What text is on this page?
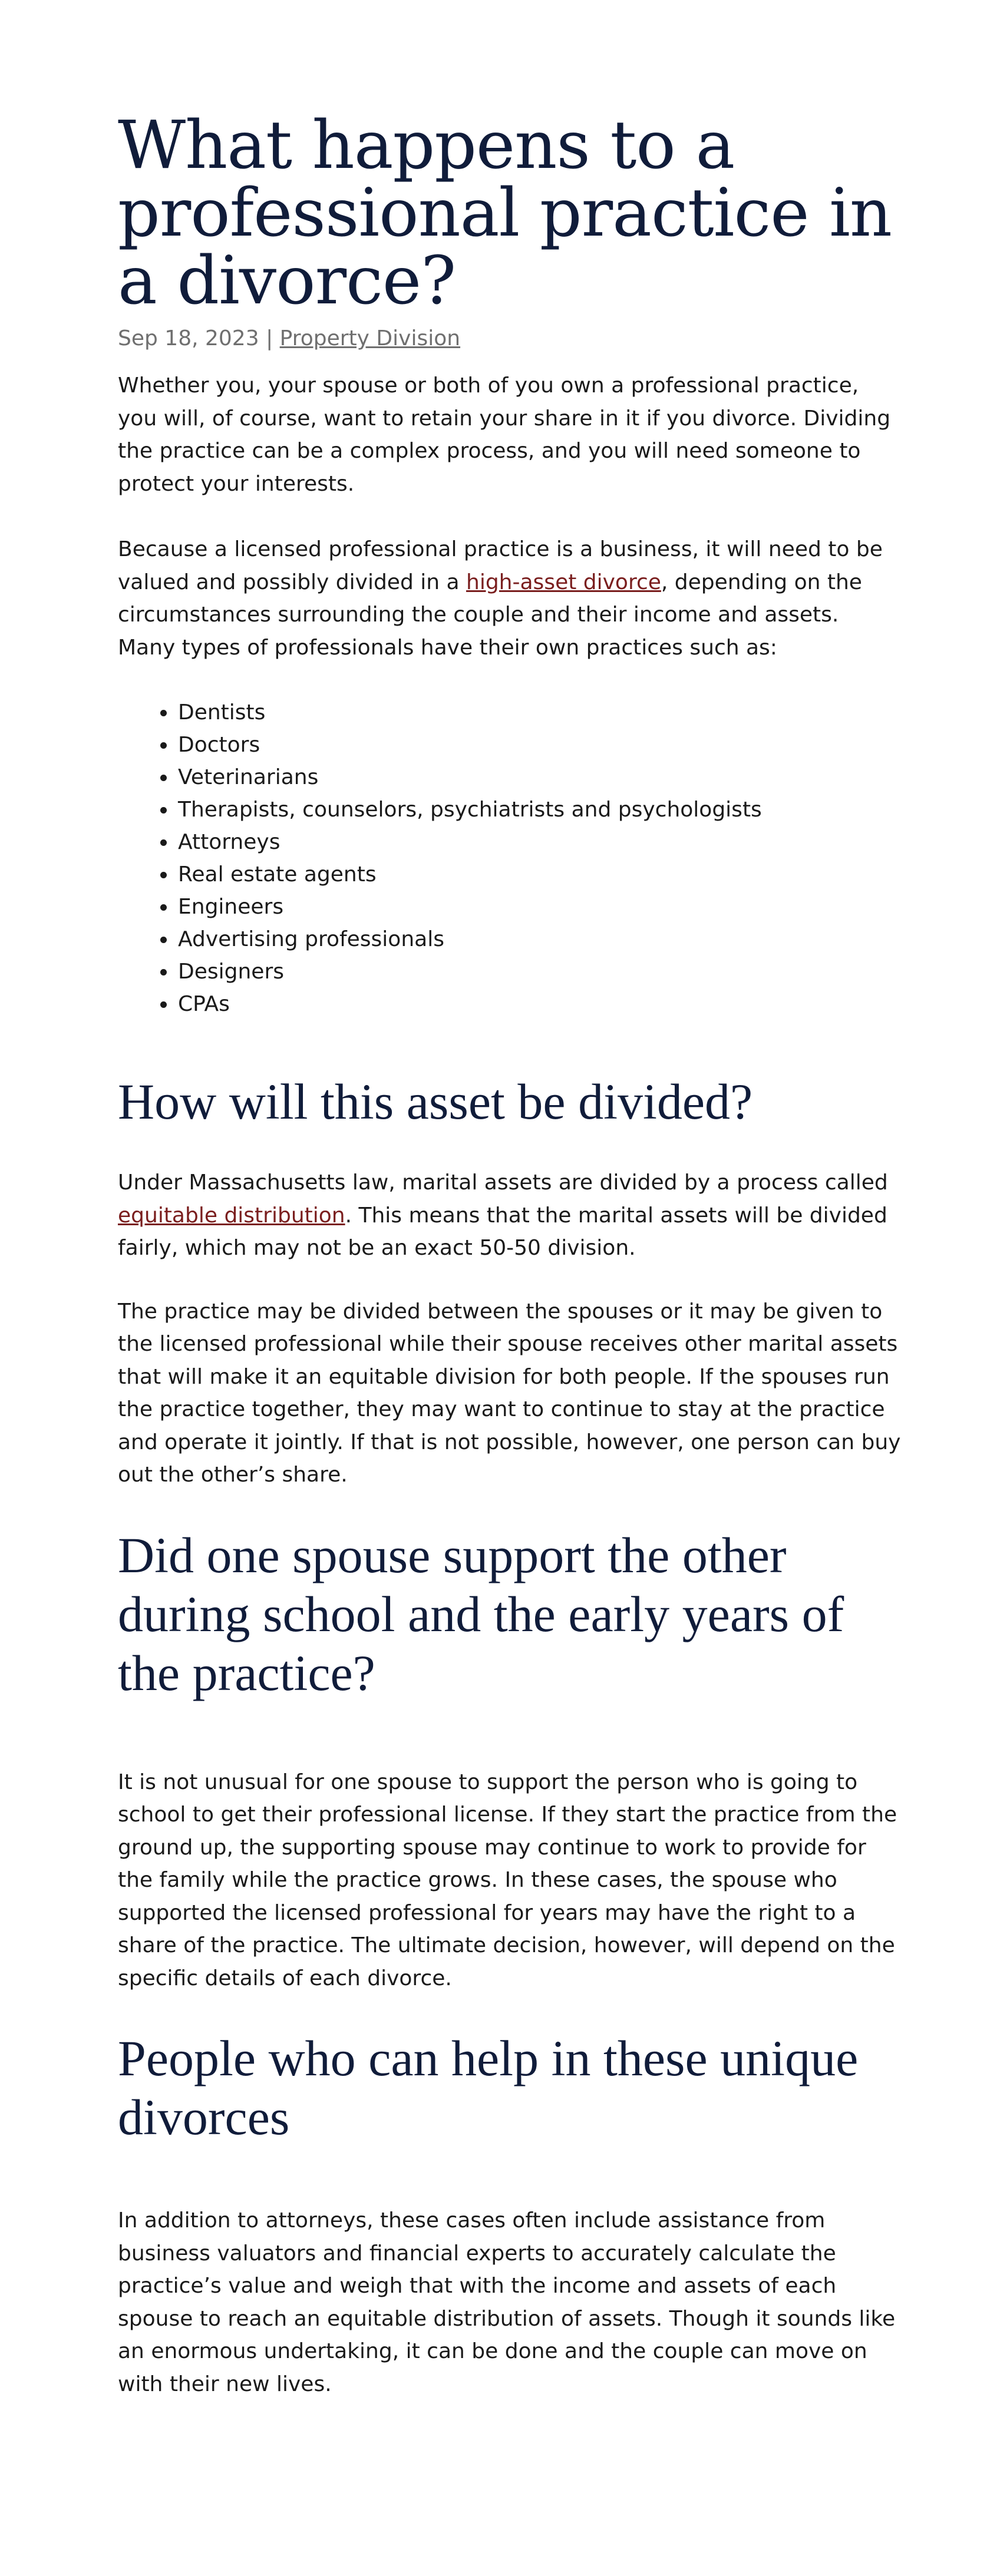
What happens to a professional practice in a divorce?
Sep 18, 2023 | Property Division

Whether you, your spouse or both of you own a professional practice, you will, of course, want to retain your share in it if you divorce. Dividing the practice can be a complex process, and you will need someone to protect your interests.

Because a licensed professional practice is a business, it will need to be valued and possibly divided in a high-asset divorce, depending on the circumstances surrounding the couple and their income and assets. Many types of professionals have their own practices such as:

• Dentists
• Doctors
• Veterinarians
• Therapists, counselors, psychiatrists and psychologists
• Attorneys
• Real estate agents
• Engineers
• Advertising professionals
• Designers
• CPAs
How will this asset be divided?

Under Massachusetts law, marital assets are divided by a process called equitable distribution. This means that the marital assets will be divided fairly, which may not be an exact 50-50 division.

The practice may be divided between the spouses or it may be given to the licensed professional while their spouse receives other marital assets that will make it an equitable division for both people. If the spouses run the practice together, they may want to continue to stay at the practice and operate it jointly. If that is not possible, however, one person can buy out the other’s share.

Did one spouse support the other during school and the early years of the practice?

It is not unusual for one spouse to support the person who is going to school to get their professional license. If they start the practice from the ground up, the supporting spouse may continue to work to provide for the family while the practice grows. In these cases, the spouse who supported the licensed professional for years may have the right to a share of the practice. The ultimate decision, however, will depend on the specific details of each divorce.

People who can help in these unique divorces

In addition to attorneys, these cases often include assistance from business valuators and financial experts to accurately calculate the practice’s value and weigh that with the income and assets of each spouse to reach an equitable distribution of assets. Though it sounds like an enormous undertaking, it can be done and the couple can move on with their new lives.
